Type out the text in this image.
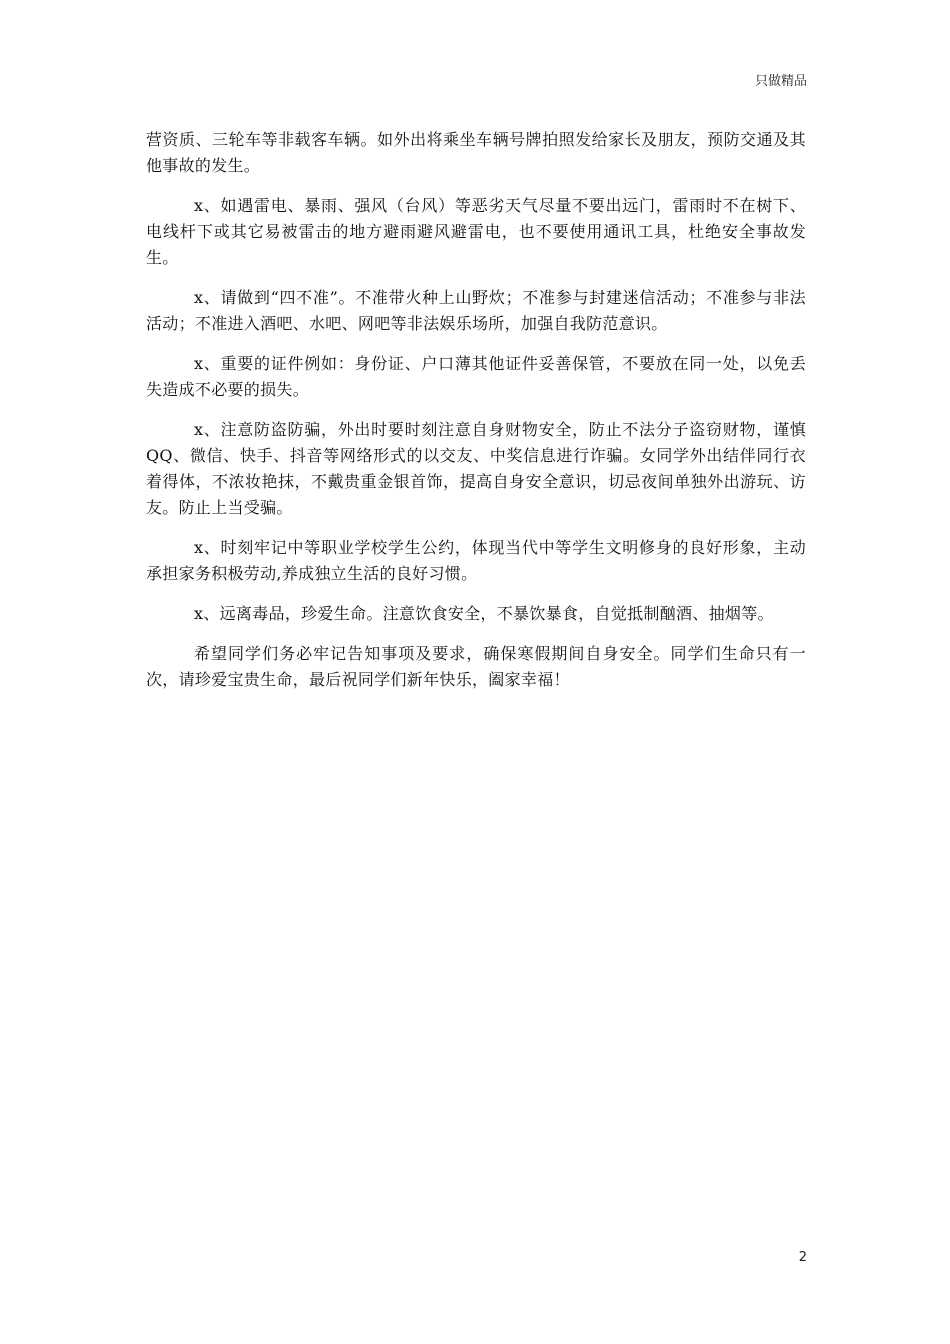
只做精品

营资质、三轮车等非载客车辆。如外出将乘坐车辆号牌拍照发给家长及朋友，预防交通及其他事故的发生。

x、如遇雷电、暴雨、强风（台风）等恶劣天气尽量不要出远门，雷雨时不在树下、电线杆下或其它易被雷击的地方避雨避风避雷电，也不要使用通讯工具，杜绝安全事故发生。

x、请做到“四不准”。不准带火种上山野炊；不准参与封建迷信活动；不准参与非法活动；不准进入酒吧、水吧、网吧等非法娱乐场所，加强自我防范意识。

x、重要的证件例如：身份证、户口薄其他证件妥善保管，不要放在同一处，以免丢失造成不必要的损失。

x、注意防盗防骗，外出时要时刻注意自身财物安全，防止不法分子盗窃财物，谨慎QQ、微信、快手、抖音等网络形式的以交友、中奖信息进行诈骗。女同学外出结伴同行衣着得体，不浓妆艳抹，不戴贵重金银首饰，提高自身安全意识，切忌夜间单独外出游玩、访友。防止上当受骗。

x、时刻牢记中等职业学校学生公约，体现当代中等学生文明修身的良好形象，主动承担家务积极劳动,养成独立生活的良好习惯。

x、远离毒品，珍爱生命。注意饮食安全，不暴饮暴食，自觉抵制酗酒、抽烟等。

希望同学们务必牢记告知事项及要求，确保寒假期间自身安全。同学们生命只有一次，请珍爱宝贵生命，最后祝同学们新年快乐，阖家幸福！

2
